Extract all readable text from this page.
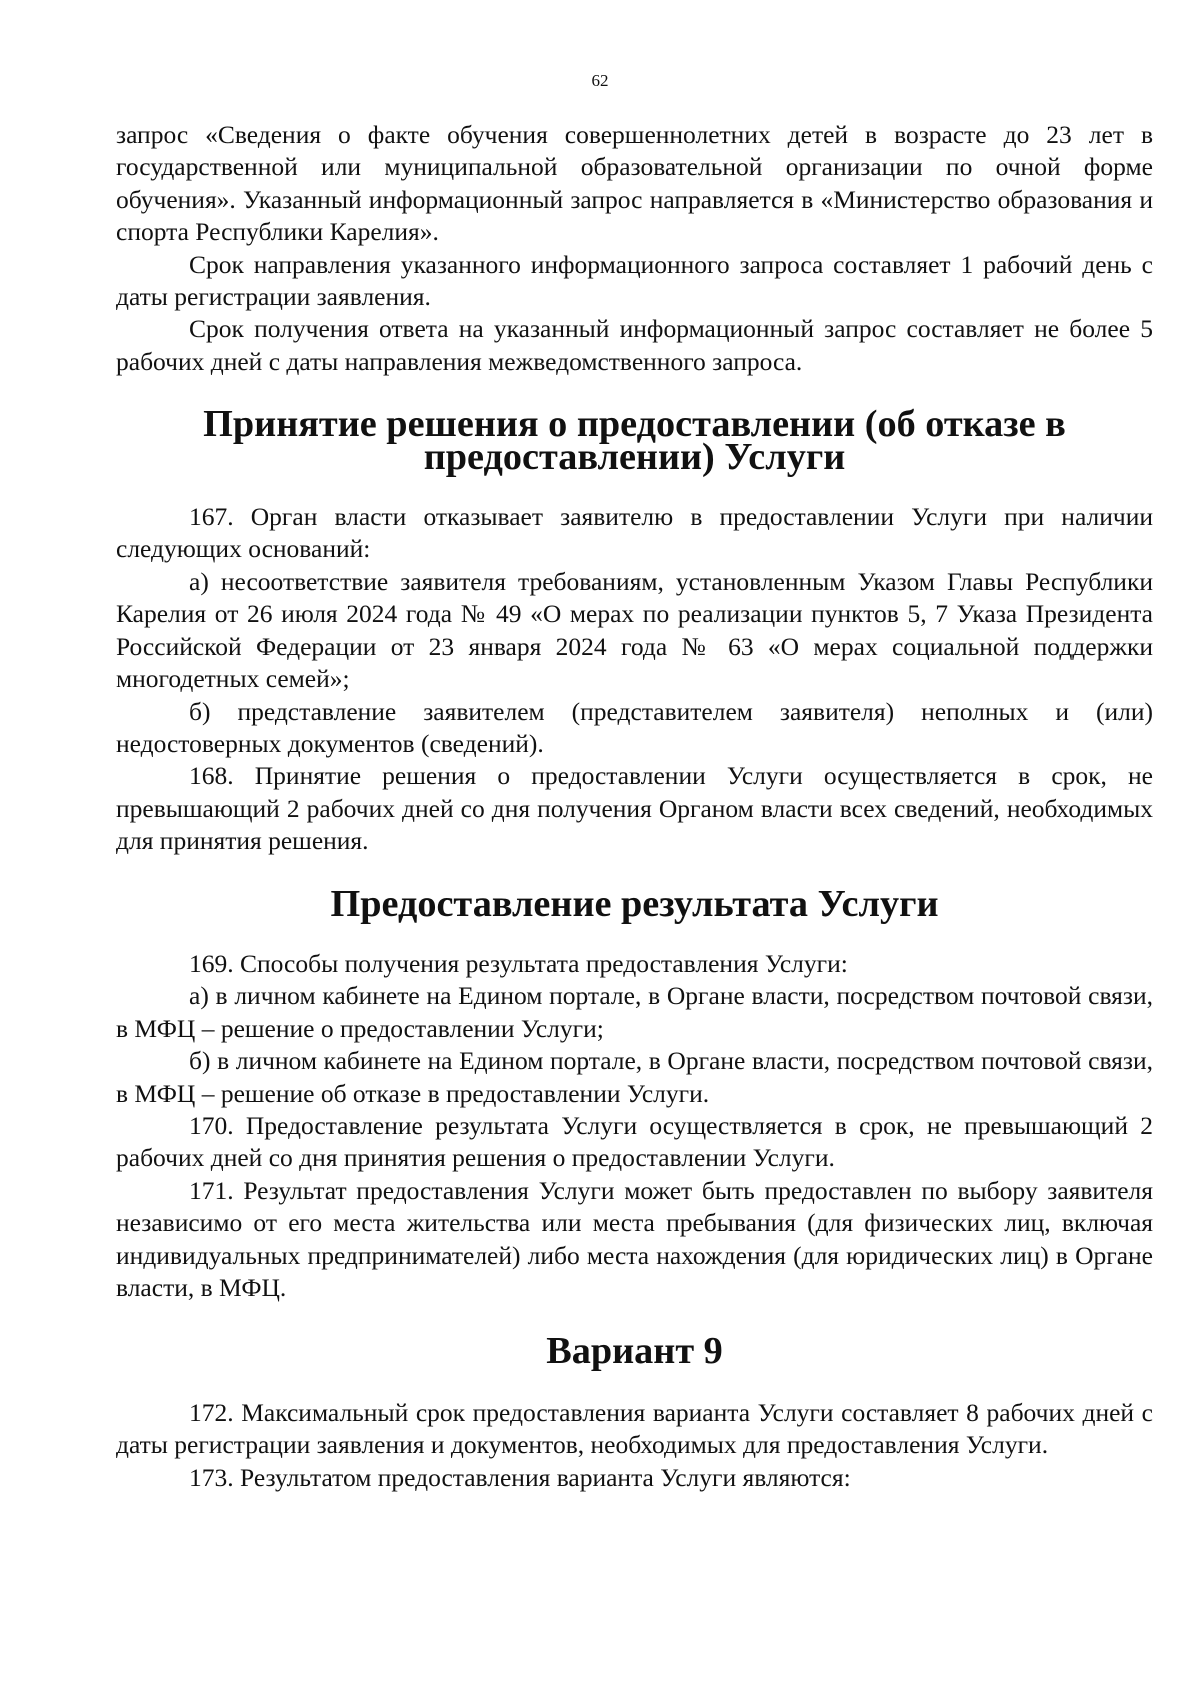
62

запрос «Сведения о факте обучения совершеннолетних детей в возрасте до 23 лет в государственной или муниципальной образовательной организации по очной форме обучения». Указанный информационный запрос направляется в «Министерство образования и спорта Республики Карелия».

Срок направления указанного информационного запроса составляет 1 рабочий день с даты регистрации заявления.

Срок получения ответа на указанный информационный запрос составляет не более 5 рабочих дней с даты направления межведомственного запроса.

Принятие решения о предоставлении (об отказе в предоставлении) Услуги

167. Орган власти отказывает заявителю в предоставлении Услуги при наличии следующих оснований:

а) несоответствие заявителя требованиям, установленным Указом Главы Республики Карелия от 26 июля 2024 года № 49 «О мерах по реализации пунктов 5, 7 Указа Президента Российской Федерации от 23 января 2024 года № 63 «О мерах социальной поддержки многодетных семей»;

б) представление заявителем (представителем заявителя) неполных и (или) недостоверных документов (сведений).

168. Принятие решения о предоставлении Услуги осуществляется в срок, не превышающий 2 рабочих дней со дня получения Органом власти всех сведений, необходимых для принятия решения.

Предоставление результата Услуги

169. Способы получения результата предоставления Услуги:

а) в личном кабинете на Едином портале, в Органе власти, посредством почтовой связи, в МФЦ – решение о предоставлении Услуги;

б) в личном кабинете на Едином портале, в Органе власти, посредством почтовой связи, в МФЦ – решение об отказе в предоставлении Услуги.

170. Предоставление результата Услуги осуществляется в срок, не превышающий 2 рабочих дней со дня принятия решения о предоставлении Услуги.

171. Результат предоставления Услуги может быть предоставлен по выбору заявителя независимо от его места жительства или места пребывания (для физических лиц, включая индивидуальных предпринимателей) либо места нахождения (для юридических лиц) в Органе власти, в МФЦ.

Вариант 9

172. Максимальный срок предоставления варианта Услуги составляет 8 рабочих дней с даты регистрации заявления и документов, необходимых для предоставления Услуги.

173. Результатом предоставления варианта Услуги являются:
